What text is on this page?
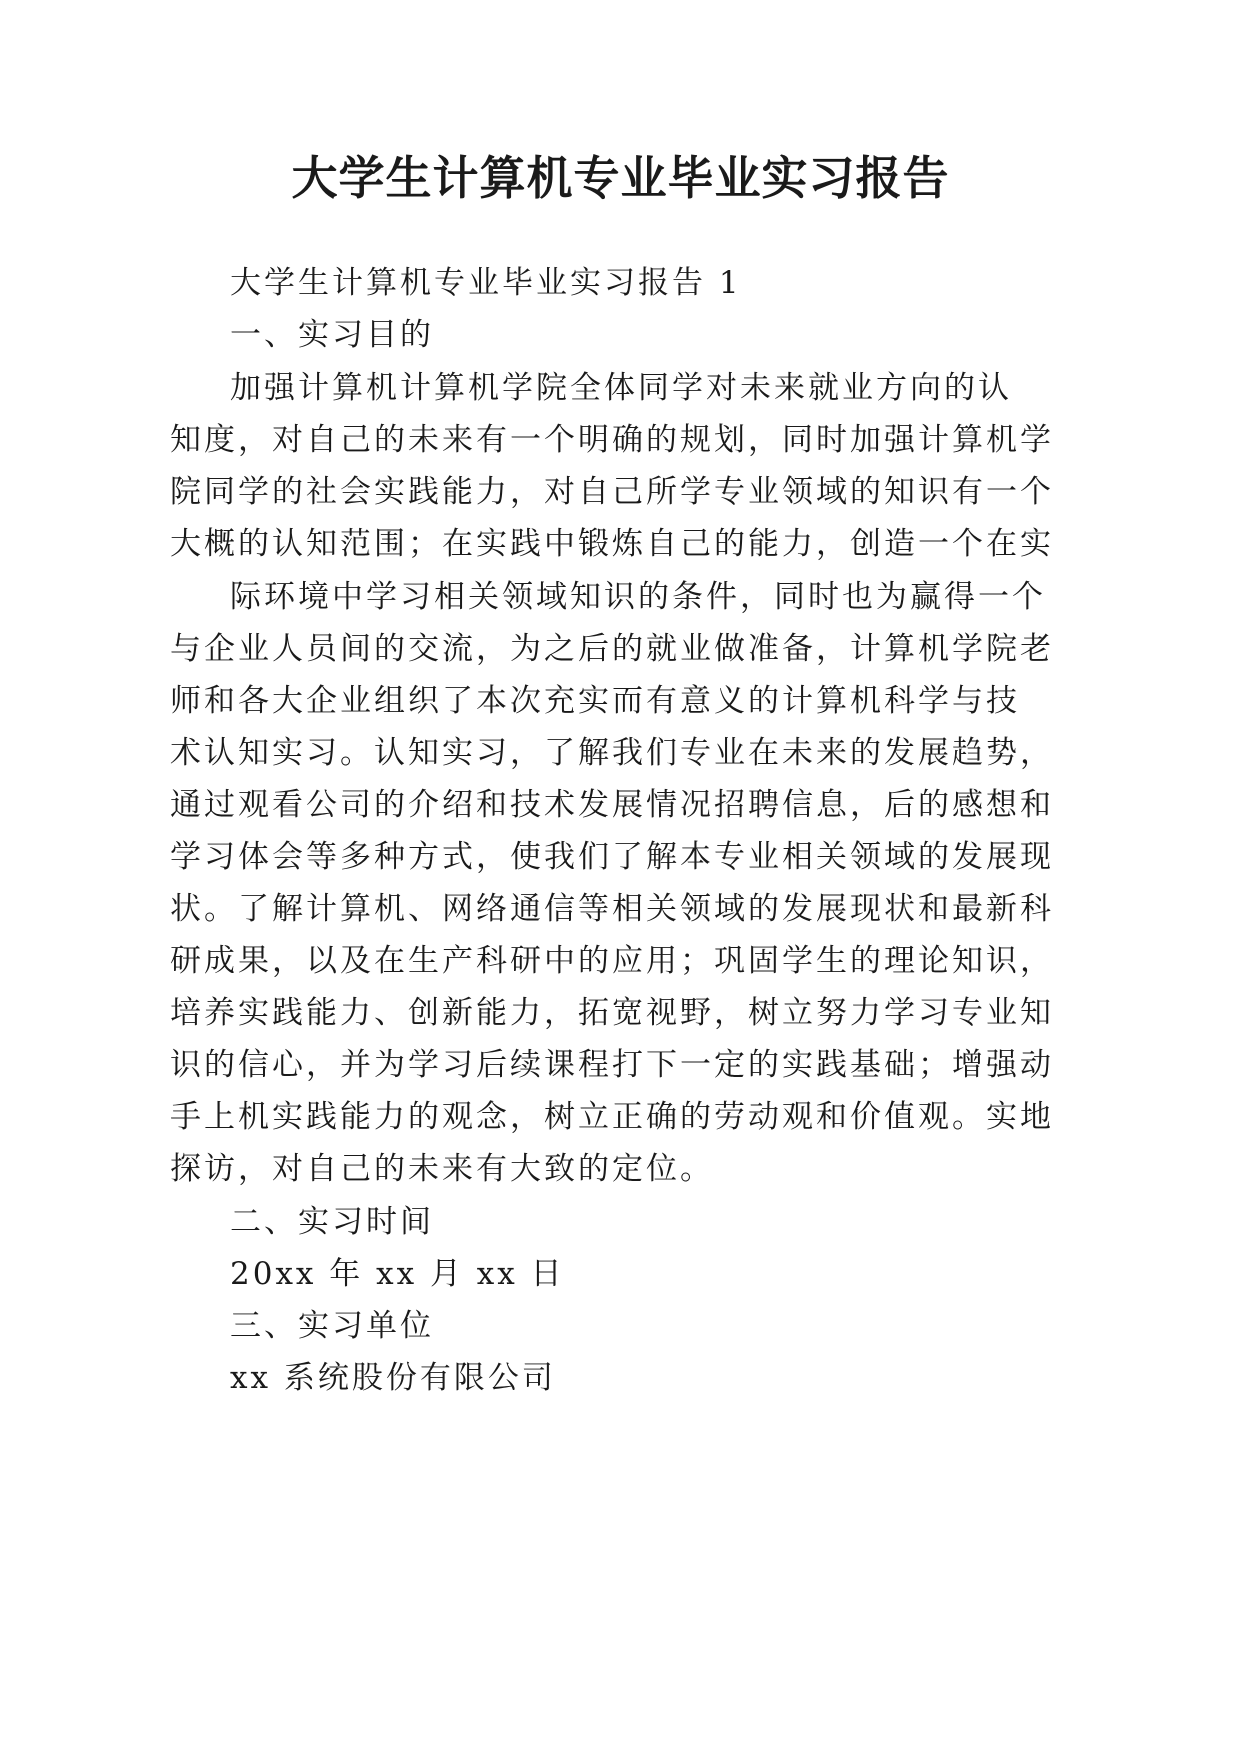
大学生计算机专业毕业实习报告
大学生计算机专业毕业实习报告 1
一、实习目的
加强计算机计算机学院全体同学对未来就业方向的认
知度，对自己的未来有一个明确的规划，同时加强计算机学
院同学的社会实践能力，对自己所学专业领域的知识有一个
大概的认知范围；在实践中锻炼自己的能力，创造一个在实
际环境中学习相关领域知识的条件，同时也为赢得一个
与企业人员间的交流，为之后的就业做准备，计算机学院老
师和各大企业组织了本次充实而有意义的计算机科学与技
术认知实习。认知实习，了解我们专业在未来的发展趋势，
通过观看公司的介绍和技术发展情况招聘信息，后的感想和
学习体会等多种方式，使我们了解本专业相关领域的发展现
状。了解计算机、网络通信等相关领域的发展现状和最新科
研成果，以及在生产科研中的应用；巩固学生的理论知识，
培养实践能力、创新能力，拓宽视野，树立努力学习专业知
识的信心，并为学习后续课程打下一定的实践基础；增强动
手上机实践能力的观念，树立正确的劳动观和价值观。实地
探访，对自己的未来有大致的定位。
二、实习时间
20xx 年 xx 月 xx 日
三、实习单位
xx 系统股份有限公司
